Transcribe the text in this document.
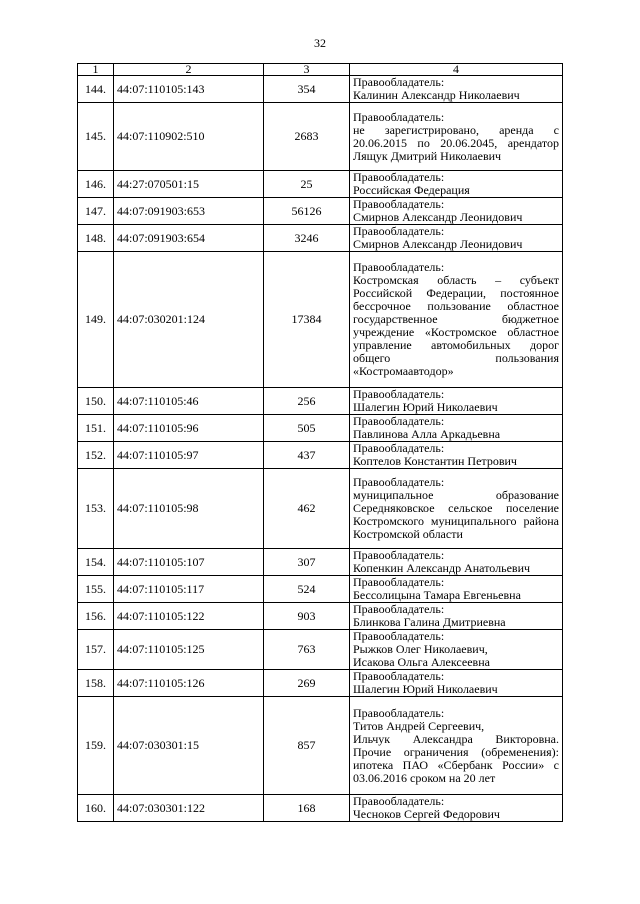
32
1	2	3	4
144.	44:07:110105:143	354	Правообладатель:
Калинин Александр Николаевич

145.	44:07:110902:510	2683	Правообладатель:
не зарегистрировано, аренда с 20.06.2015 по 20.06.2045, арендатор Лящук Дмитрий Николаевич

146.	44:27:070501:15	25	Правообладатель:
Российская Федерация

147.	44:07:091903:653	56126	Правообладатель:
Смирнов Александр Леонидович

148.	44:07:091903:654	3246	Правообладатель:
Смирнов Александр Леонидович

149.	44:07:030201:124	17384	Правообладатель:
Костромская область – субъект Российской Федерации, постоянное бессрочное пользование областное государственное бюджетное учреждение «Костромское областное управление автомобильных дорог общего пользования «Костромаавтодор»

150.	44:07:110105:46	256	Правообладатель:
Шалегин Юрий Николаевич

151.	44:07:110105:96	505	Правообладатель:
Павлинова Алла Аркадьевна

152.	44:07:110105:97	437	Правообладатель:
Коптелов Константин Петрович

153.	44:07:110105:98	462	Правообладатель:
муниципальное образование Середняковское сельское поселение Костромского муниципального района Костромской области

154.	44:07:110105:107	307	Правообладатель:
Копенкин Александр Анатольевич

155.	44:07:110105:117	524	Правообладатель:
Бессолицына Тамара Евгеньевна

156.	44:07:110105:122	903	Правообладатель:
Блинкова Галина Дмитриевна

157.	44:07:110105:125	763	Правообладатель:
Рыжков Олег Николаевич,
Исакова Ольга Алексеевна

158.	44:07:110105:126	269	Правообладатель:
Шалегин Юрий Николаевич

159.	44:07:030301:15	857	Правообладатель:
Титов Андрей Сергеевич,
Ильчук Александра Викторовна. Прочие ограничения (обременения): ипотека ПАО «Сбербанк России» с 03.06.2016 сроком на 20 лет

160.	44:07:030301:122	168	Правообладатель:
Чесноков Сергей Федорович
